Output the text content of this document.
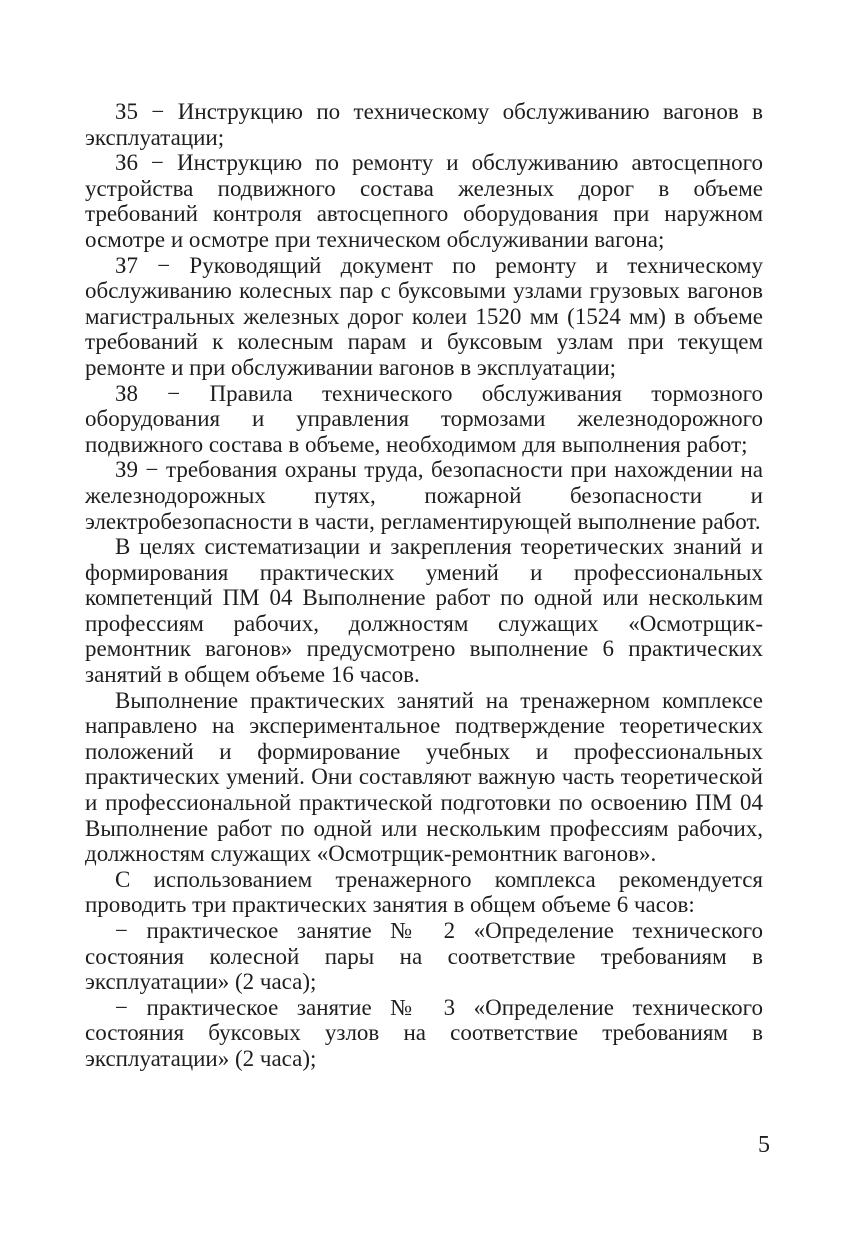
З5 − Инструкцию по техническому обслуживанию вагонов в эксплуатации;

З6 − Инструкцию по ремонту и обслуживанию автосцепного устройства подвижного состава железных дорог в объеме требований контроля автосцепного оборудования при наружном осмотре и осмотре при техническом обслуживании вагона;

З7 − Руководящий документ по ремонту и техническому обслуживанию колесных пар с буксовыми узлами грузовых вагонов магистральных железных дорог колеи 1520 мм (1524 мм) в объеме требований к колесным парам и буксовым узлам при текущем ремонте и при обслуживании вагонов в эксплуатации;

З8 − Правила технического обслуживания тормозного оборудования и управления тормозами железнодорожного подвижного состава в объеме, необходимом для выполнения работ;

З9 − требования охраны труда, безопасности при нахождении на железнодорожных путях, пожарной безопасности и электробезопасности в части, регламентирующей выполнение работ.

В целях систематизации и закрепления теоретических знаний и формирования практических умений и профессиональных компетенций ПМ 04 Выполнение работ по одной или нескольким профессиям рабочих, должностям служащих «Осмотрщик-ремонтник вагонов» предусмотрено выполнение 6 практических занятий в общем объеме 16 часов.

Выполнение практических занятий на тренажерном комплексе направлено на экспериментальное подтверждение теоретических положений и формирование учебных и профессиональных практических умений. Они составляют важную часть теоретической и профессиональной практической подготовки по освоению ПМ 04 Выполнение работ по одной или нескольким профессиям рабочих, должностям служащих «Осмотрщик-ремонтник вагонов».

С использованием тренажерного комплекса рекомендуется проводить три практических занятия в общем объеме 6 часов:

− практическое занятие № 2 «Определение технического состояния колесной пары на соответствие требованиям в эксплуатации» (2 часа);

− практическое занятие № 3 «Определение технического состояния буксовых узлов на соответствие требованиям в эксплуатации» (2 часа);

5
